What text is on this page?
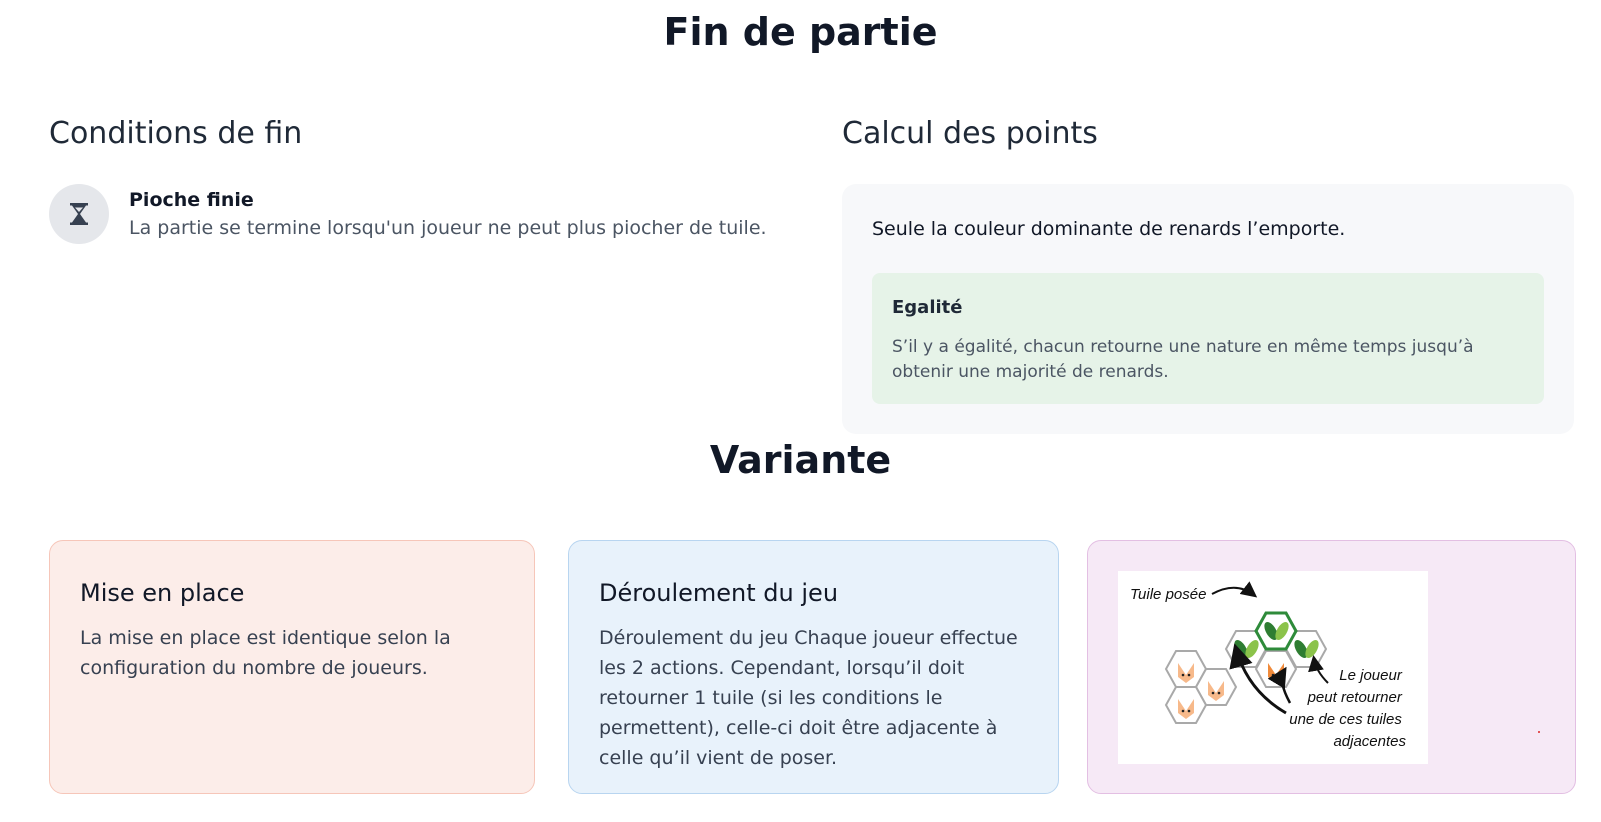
Fin de partie
Conditions de fin	Calcul des points
Pioche finie
La partie se termine lorsqu'un joueur ne peut plus piocher de tuile.	Seule la couleur dominante de renards l’emporte.
Egalité
S’il y a égalité, chacun retourne une nature en même temps jusqu’à obtenir une majorité de renards.
Variante
Mise en place
La mise en place est identique selon la configuration du nombre de joueurs.
Déroulement du jeu
Déroulement du jeu Chaque joueur effectue les 2 actions. Cependant, lorsqu’il doit retourner 1 tuile (si les conditions le permettent), celle-ci doit être adjacente à celle qu’il vient de poser.
Tuile posée
Le joueur peut retourner une de ces tuiles adjacentes
